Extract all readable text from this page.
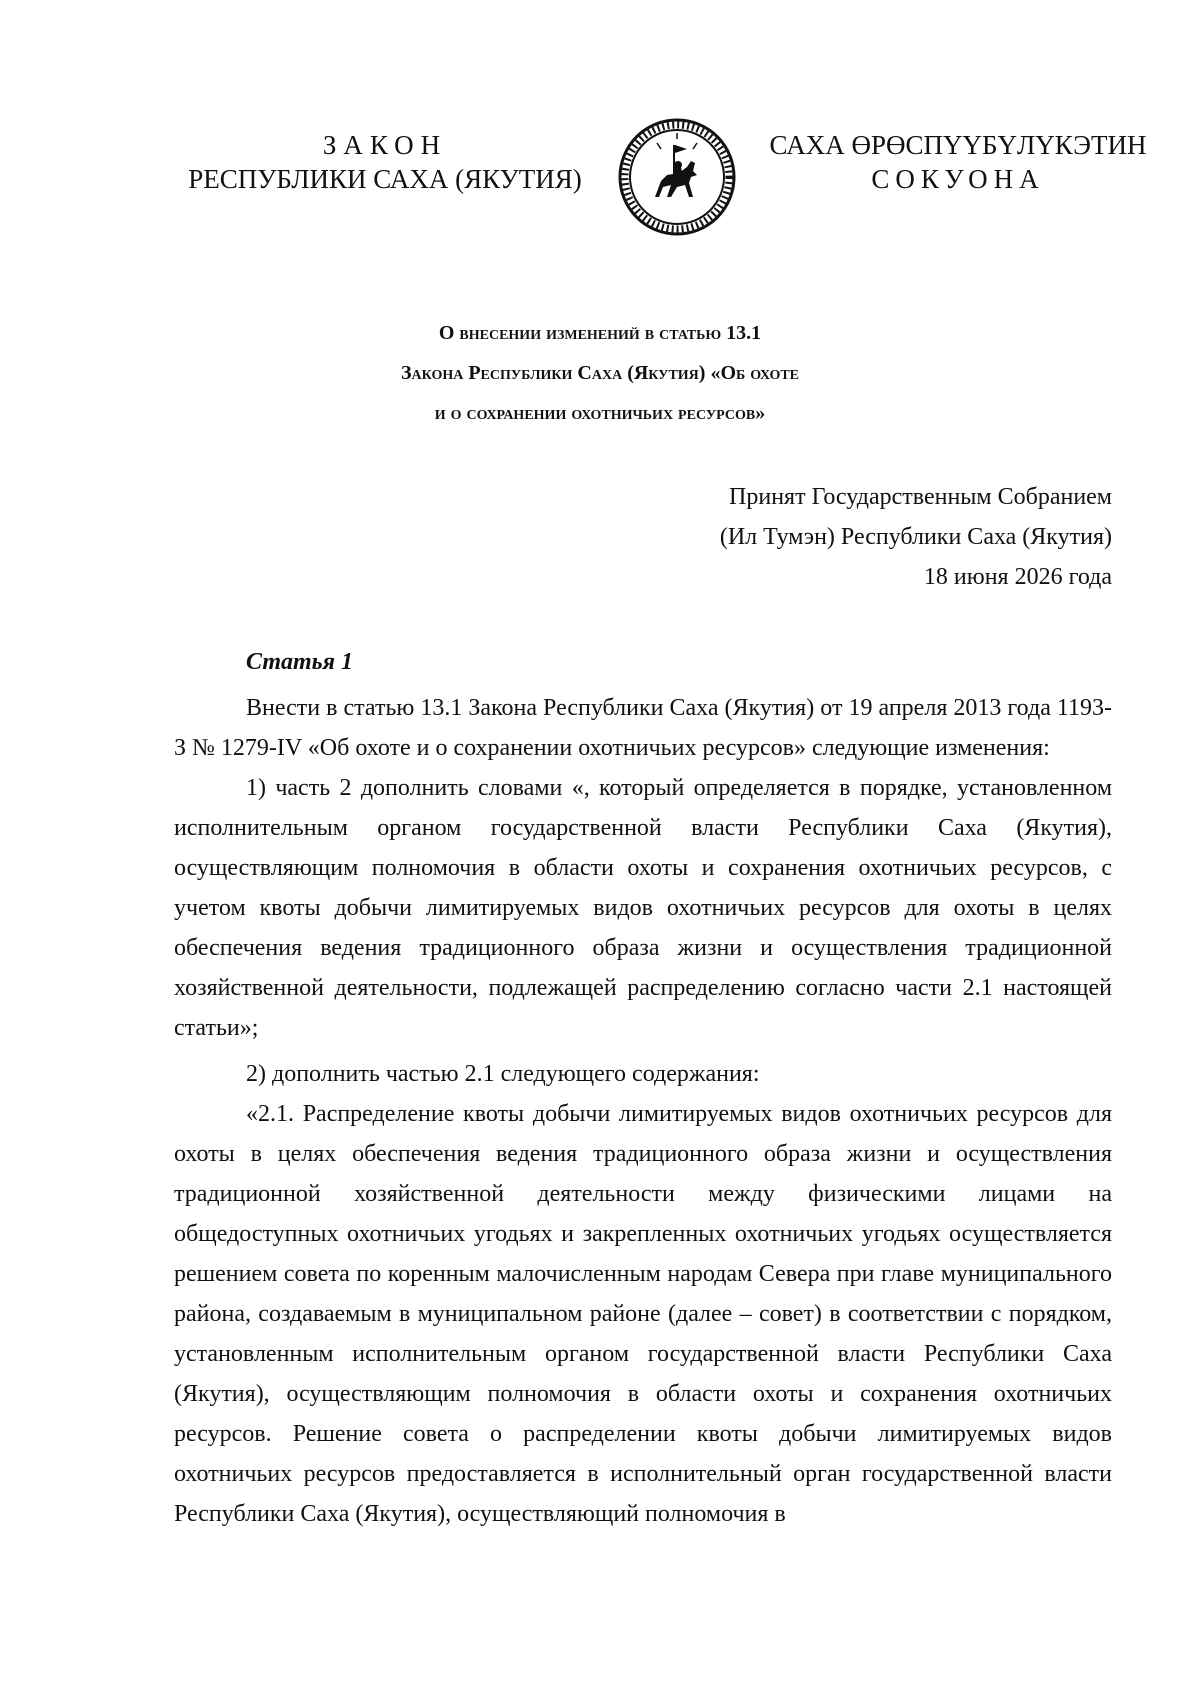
ЗАКОН
РЕСПУБЛИКИ САХА (ЯКУТИЯ)
САХА ӨРӨСПҮҮБҮЛҮКЭТИН
СОКУОНА
О внесении изменений в статью 13.1
Закона Республики Саха (Якутия) «Об охоте
и о сохранении охотничьих ресурсов»
Принят Государственным Собранием
(Ил Тумэн) Республики Саха (Якутия)
18 июня 2026 года

Статья 1

Внести в статью 13.1 Закона Республики Саха (Якутия) от 19 апреля 2013 года 1193-З № 1279-IV «Об охоте и о сохранении охотничьих ресурсов» следующие изменения:

1) часть 2 дополнить словами «, который определяется в порядке, установленном исполнительным органом государственной власти Республики Саха (Якутия), осуществляющим полномочия в области охоты и сохранения охотничьих ресурсов, с учетом квоты добычи лимитируемых видов охотничьих ресурсов для охоты в целях обеспечения ведения традиционного образа жизни и осуществления традиционной хозяйственной деятельности, подлежащей распределению согласно части 2.1 настоящей статьи»;

2) дополнить частью 2.1 следующего содержания:

«2.1. Распределение квоты добычи лимитируемых видов охотничьих ресурсов для охоты в целях обеспечения ведения традиционного образа жизни и осуществления традиционной хозяйственной деятельности между физическими лицами на общедоступных охотничьих угодьях и закрепленных охотничьих угодьях осуществляется решением совета по коренным малочисленным народам Севера при главе муниципального района, создаваемым в муниципальном районе (далее – совет) в соответствии с порядком, установленным исполнительным органом государственной власти Республики Саха (Якутия), осуществляющим полномочия в области охоты и сохранения охотничьих ресурсов. Решение совета о распределении квоты добычи лимитируемых видов охотничьих ресурсов предоставляется в исполнительный орган государственной власти Республики Саха (Якутия), осуществляющий полномочия в
